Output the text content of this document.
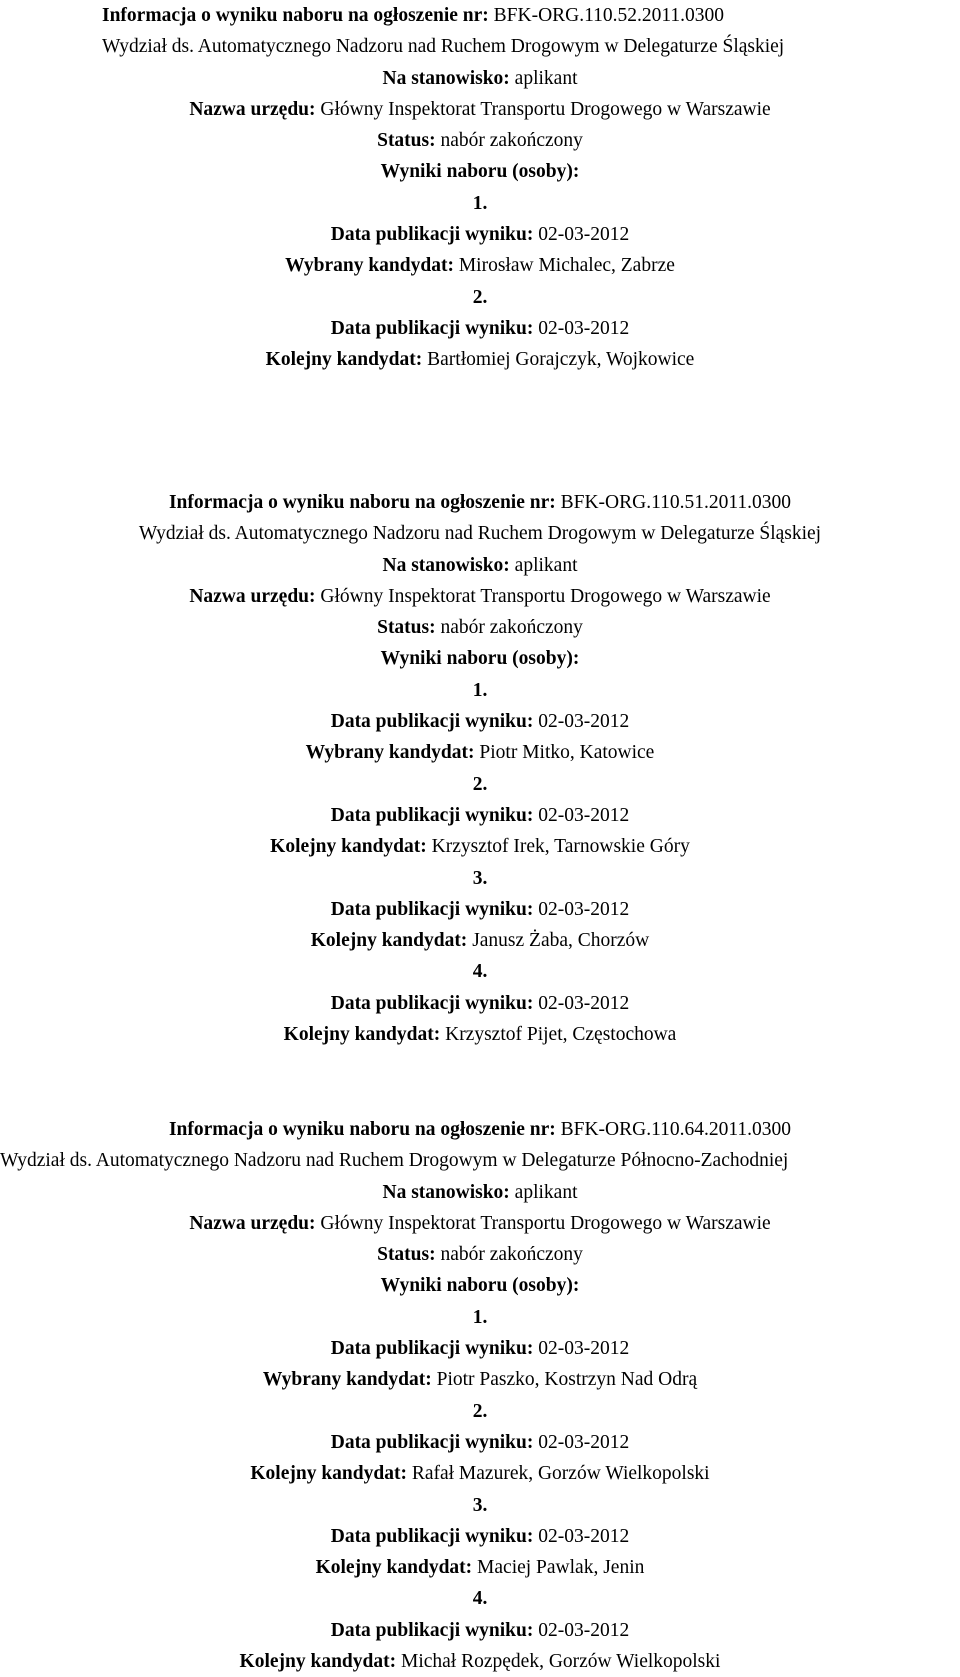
Informacja o wyniku naboru na ogłoszenie nr: BFK-ORG.110.52.2011.0300
Wydział ds. Automatycznego Nadzoru nad Ruchem Drogowym w Delegaturze Śląskiej
Na stanowisko: aplikant
Nazwa urzędu: Główny Inspektorat Transportu Drogowego w Warszawie
Status: nabór zakończony
Wyniki naboru (osoby):
1.
Data publikacji wyniku: 02-03-2012
Wybrany kandydat: Mirosław Michalec, Zabrze
2.
Data publikacji wyniku: 02-03-2012
Kolejny kandydat: Bartłomiej Gorajczyk, Wojkowice
Informacja o wyniku naboru na ogłoszenie nr: BFK-ORG.110.51.2011.0300
Wydział ds. Automatycznego Nadzoru nad Ruchem Drogowym w Delegaturze Śląskiej
Na stanowisko: aplikant
Nazwa urzędu: Główny Inspektorat Transportu Drogowego w Warszawie
Status: nabór zakończony
Wyniki naboru (osoby):
1.
Data publikacji wyniku: 02-03-2012
Wybrany kandydat: Piotr Mitko, Katowice
2.
Data publikacji wyniku: 02-03-2012
Kolejny kandydat: Krzysztof Irek, Tarnowskie Góry
3.
Data publikacji wyniku: 02-03-2012
Kolejny kandydat: Janusz Żaba, Chorzów
4.
Data publikacji wyniku: 02-03-2012
Kolejny kandydat: Krzysztof Pijet, Częstochowa
Informacja o wyniku naboru na ogłoszenie nr: BFK-ORG.110.64.2011.0300
Wydział ds. Automatycznego Nadzoru nad Ruchem Drogowym w Delegaturze Północno-Zachodniej
Na stanowisko: aplikant
Nazwa urzędu: Główny Inspektorat Transportu Drogowego w Warszawie
Status: nabór zakończony
Wyniki naboru (osoby):
1.
Data publikacji wyniku: 02-03-2012
Wybrany kandydat: Piotr Paszko, Kostrzyn Nad Odrą
2.
Data publikacji wyniku: 02-03-2012
Kolejny kandydat: Rafał Mazurek, Gorzów Wielkopolski
3.
Data publikacji wyniku: 02-03-2012
Kolejny kandydat: Maciej Pawlak, Jenin
4.
Data publikacji wyniku: 02-03-2012
Kolejny kandydat: Michał Rozpędek, Gorzów Wielkopolski
